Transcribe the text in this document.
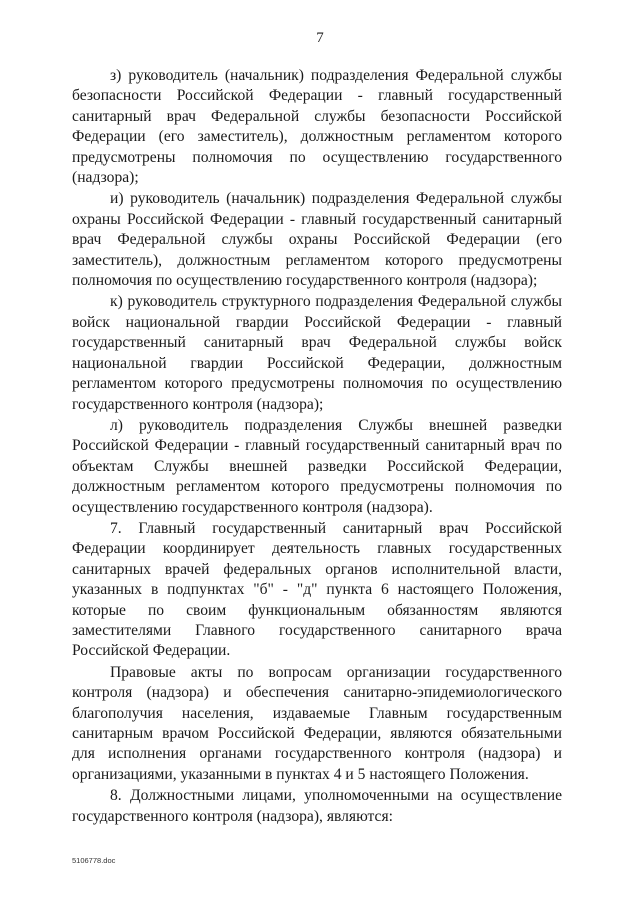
7

з) руководитель (начальник) подразделения Федеральной службы безопасности Российской Федерации - главный государственный санитарный врач Федеральной службы безопасности Российской Федерации (его заместитель), должностным регламентом которого предусмотрены полномочия по осуществлению государственного (надзора);

и) руководитель (начальник) подразделения Федеральной службы охраны Российской Федерации - главный государственный санитарный врач Федеральной службы охраны Российской Федерации (его заместитель), должностным регламентом которого предусмотрены полномочия по осуществлению государственного контроля (надзора);

к) руководитель структурного подразделения Федеральной службы войск национальной гвардии Российской Федерации - главный государственный санитарный врач Федеральной службы войск национальной гвардии Российской Федерации, должностным регламентом которого предусмотрены полномочия по осуществлению государственного контроля (надзора);

л) руководитель подразделения Службы внешней разведки Российской Федерации - главный государственный санитарный врач по объектам Службы внешней разведки Российской Федерации, должностным регламентом которого предусмотрены полномочия по осуществлению государственного контроля (надзора).

7. Главный государственный санитарный врач Российской Федерации координирует деятельность главных государственных санитарных врачей федеральных органов исполнительной власти, указанных в подпунктах "б" - "д" пункта 6 настоящего Положения, которые по своим функциональным обязанностям являются заместителями Главного государственного санитарного врача Российской Федерации.

Правовые акты по вопросам организации государственного контроля (надзора) и обеспечения санитарно-эпидемиологического благополучия населения, издаваемые Главным государственным санитарным врачом Российской Федерации, являются обязательными для исполнения органами государственного контроля (надзора) и организациями, указанными в пунктах 4 и 5 настоящего Положения.

8. Должностными лицами, уполномоченными на осуществление государственного контроля (надзора), являются:

5106778.doc
